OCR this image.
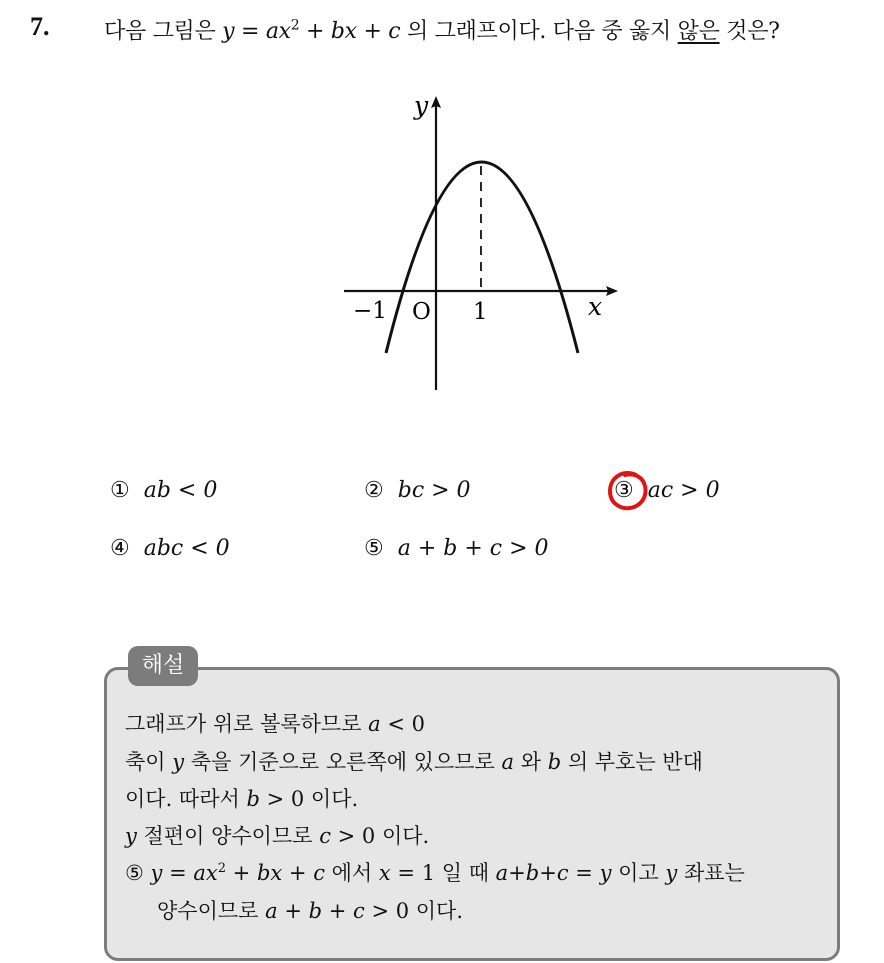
7. 다음 그림은 $y = ax^2$ + bx + c 의 그래프이다. 다음 중 옳지 않은 것은?
y
x
O
−1	1
① ab < 0	② bc > 0	③ ac > 0
④ abc < 0	⑤ a + b + c > 0
해설
그래프가 위로 볼록하므로 a < 0
축이 y 축을 기준으로 오른쪽에 있으므로 a 와 b 의 부호는 반대
이다. 따라서 b > 0 이다.
y 절편이 양수이므로 c > 0 이다.
⑤ $y = ax^2$ + bx + c 에서 x = 1 일 때 a+b+c = y 이고 y 좌표는
양수이므로 a + b + c > 0 이다.
